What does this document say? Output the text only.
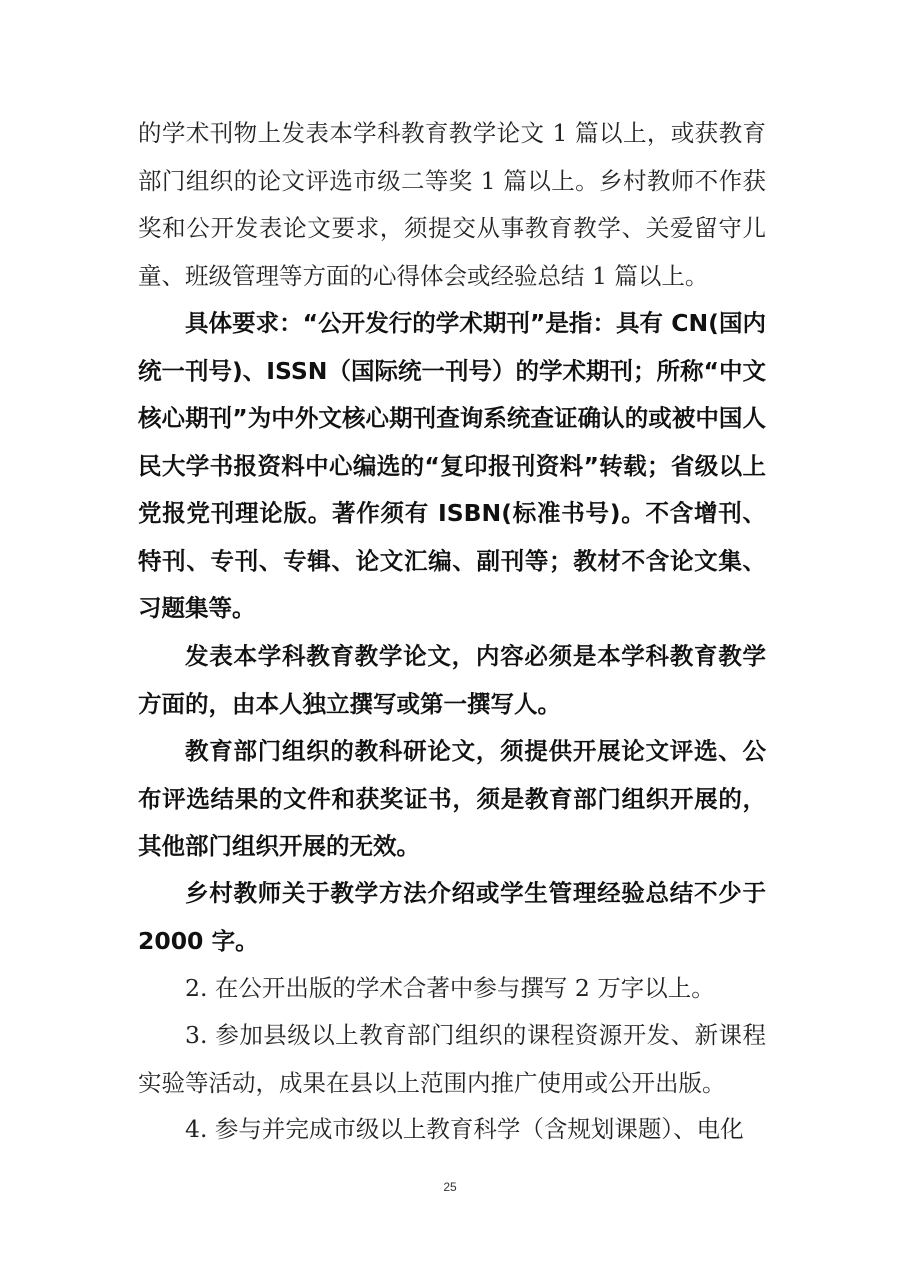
的学术刊物上发表本学科教育教学论文 1 篇以上，或获教育部门组织的论文评选市级二等奖 1 篇以上。乡村教师不作获奖和公开发表论文要求，须提交从事教育教学、关爱留守儿童、班级管理等方面的心得体会或经验总结 1 篇以上。

具体要求：“公开发行的学术期刊”是指：具有 CN(国内统一刊号)、ISSN（国际统一刊号）的学术期刊；所称“中文核心期刊”为中外文核心期刊查询系统查证确认的或被中国人民大学书报资料中心编选的“复印报刊资料”转载；省级以上党报党刊理论版。著作须有 ISBN(标准书号)。不含增刊、特刊、专刊、专辑、论文汇编、副刊等；教材不含论文集、习题集等。

发表本学科教育教学论文，内容必须是本学科教育教学方面的，由本人独立撰写或第一撰写人。

教育部门组织的教科研论文，须提供开展论文评选、公布评选结果的文件和获奖证书，须是教育部门组织开展的，其他部门组织开展的无效。

乡村教师关于教学方法介绍或学生管理经验总结不少于 2000 字。

2. 在公开出版的学术合著中参与撰写 2 万字以上。

3. 参加县级以上教育部门组织的课程资源开发、新课程实验等活动，成果在县以上范围内推广使用或公开出版。

4. 参与并完成市级以上教育科学（含规划课题）、电化

25
